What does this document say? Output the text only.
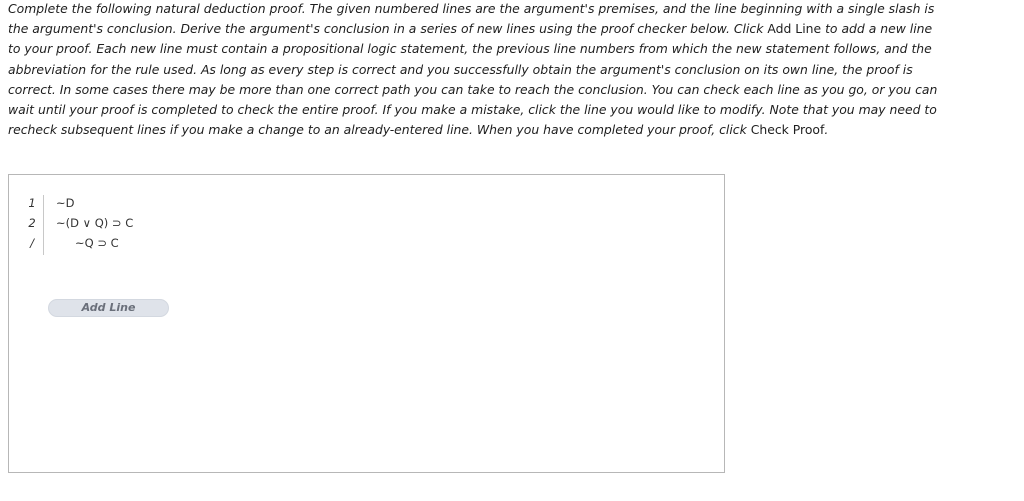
Complete the following natural deduction proof. The given numbered lines are the argument's premises, and the line beginning with a single slash is the argument's conclusion. Derive the argument's conclusion in a series of new lines using the proof checker below. Click Add Line to add a new line to your proof. Each new line must contain a propositional logic statement, the previous line numbers from which the new statement follows, and the abbreviation for the rule used. As long as every step is correct and you successfully obtain the argument's conclusion on its own line, the proof is correct. In some cases there may be more than one correct path you can take to reach the conclusion. You can check each line as you go, or you can wait until your proof is completed to check the entire proof. If you make a mistake, click the line you would like to modify. Note that you may need to recheck subsequent lines if you make a change to an already-entered line. When you have completed your proof, click Check Proof.

1
2
/
~D
~(D ∨ Q) ⊃ C
~Q ⊃ C
Add Line
